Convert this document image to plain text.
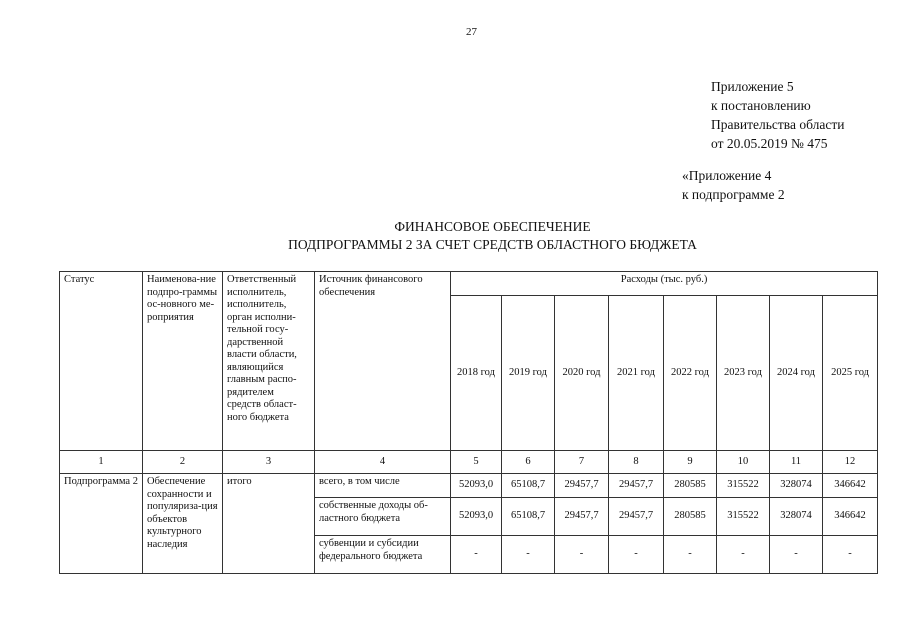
27
Приложение 5
к постановлению
Правительства области
от 20.05.2019 № 475
«Приложение 4
к подпрограмме 2
ФИНАНСОВОЕ ОБЕСПЕЧЕНИЕ
ПОДПРОГРАММЫ 2 ЗА СЧЕТ СРЕДСТВ ОБЛАСТНОГО БЮДЖЕТА
Статус	Наименова-ние подпро-граммы ос-новного ме-роприятия	Ответственный исполнитель, исполнитель, орган исполни-тельной госу-дарственной власти области, являющийся главным распо-рядителем средств област-ного бюджета	Источник финансового обеспечения	Расходы (тыс. руб.)							
				2018 год	2019 год	2020 год	2021 год	2022 год	2023 год	2024 год	2025 год
1	2	3	4	5	6	7	8	9	10	11	12
Подпрограмма 2	Обеспечение сохранности и популяриза-ция объектов культурного наследия	итого	всего, в том числе	52093,0	65108,7	29457,7	29457,7	280585	315522	328074	346642
			собственные доходы об-ластного бюджета	52093,0	65108,7	29457,7	29457,7	280585	315522	328074	346642
			субвенции и субсидии федерального бюджета	-	-	-	-	-	-	-	-
